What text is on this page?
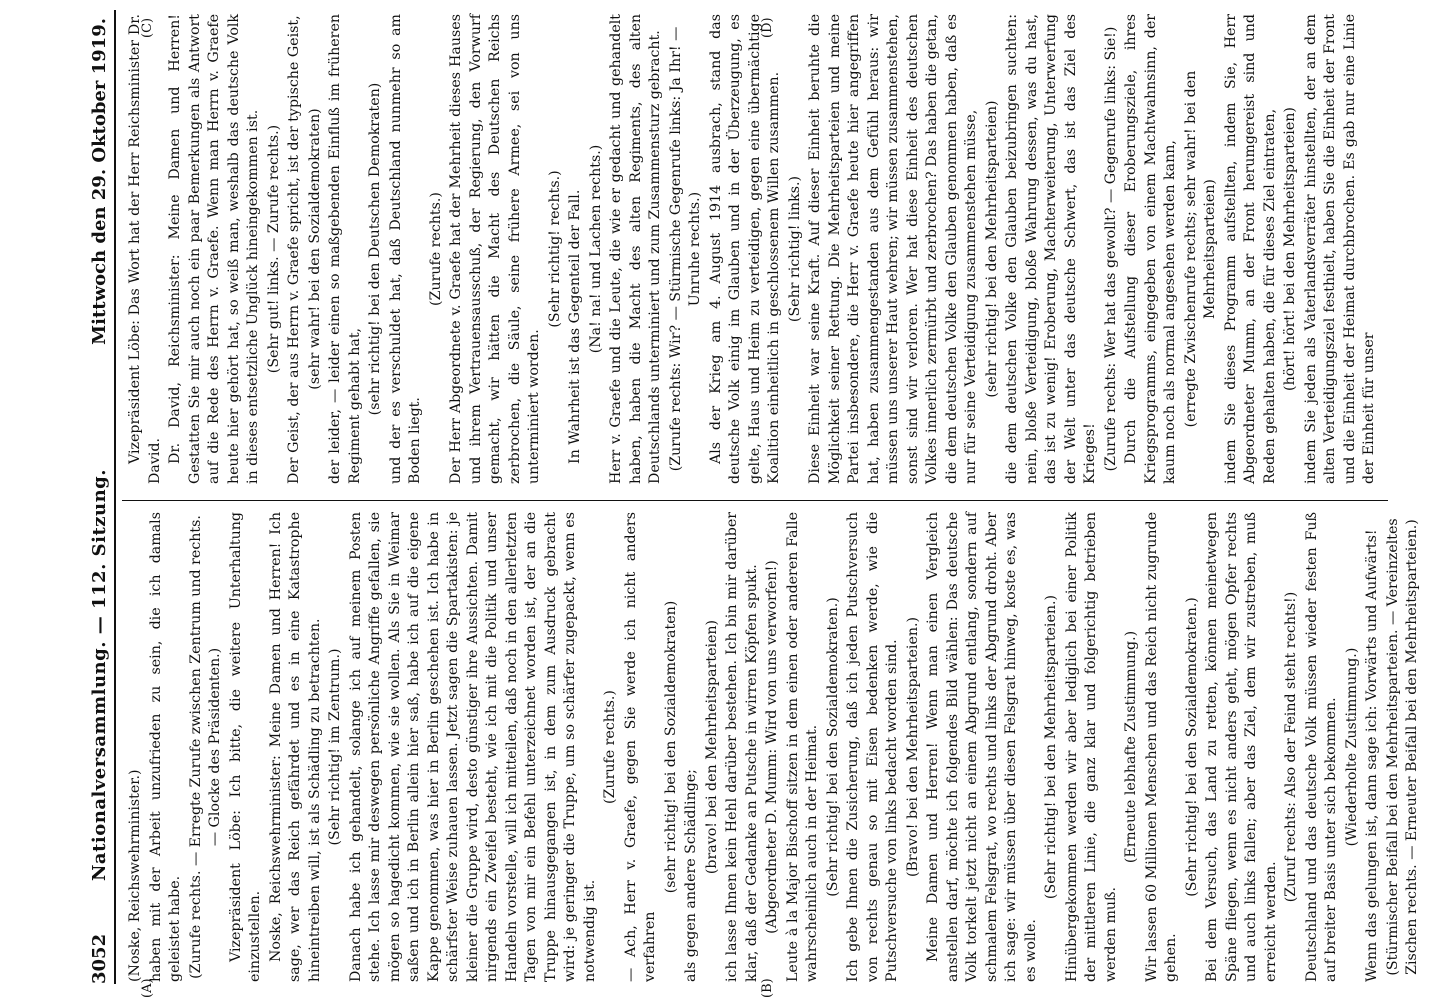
3052
Nationalversammlung. — 112. Sitzung.
Mittwoch den 29. Oktober 1919.
(A)	(B)
(C)	(D)

(Noske, Reichswehrminister.) haben mit der Arbeit unzufrieden zu sein, die ich damals geleistet habe. (Zurufe rechts. — Erregte Zurufe zwischen Zentrum und rechts. — Glocke des Präsidenten.) Vizepräsident Löbe: Ich bitte, die weitere Unterhaltung einzustellen. Noske, Reichswehrminister: Meine Damen und Herren! Ich sage, wer das Reich gefährdet und es in eine Katastrophe hineintreiben will, ist als Schädling zu betrachten. (Sehr richtig! im Zentrum.) Danach habe ich gehandelt, solange ich auf meinem Posten stehe. Ich lasse mir deswegen persönliche Angriffe gefallen, sie mögen so hagedicht kommen, wie sie wollen. Als Sie in Weimar saßen und ich in Berlin allein hier saß, habe ich auf die eigene Kappe genommen, was hier in Berlin geschehen ist. Ich habe in schärfster Weise zuhauen lassen. Jetzt sagen die Spartakisten: je kleiner die Gruppe wird, desto günstiger ihre Aussichten. Damit nirgends ein Zweifel besteht, wie ich mit die Politik und unser Handeln vorstelle, will ich mitteilen, daß noch in den allerletzten Tagen von mir ein Befehl unterzeichnet worden ist, der an die Truppe hinausgegangen ist, in dem zum Ausdruck gebracht wird: je geringer die Truppe, um so schärfer zugepackt, wenn es notwendig ist.

(Zurufe rechts.) — Ach, Herr v. Graefe, gegen Sie werde ich nicht anders verfahren

(sehr richtig! bei den Sozialdemokraten) als gegen andere Schädlinge;

(bravo! bei den Mehrheitsparteien) ich lasse Ihnen kein Hehl darüber bestehen. Ich bin mir darüber klar, daß der Gedanke an Putsche in wirren Köpfen spukt. (Abgeordneter D. Mumm: Wird von uns verworfen!) Leute à la Major Bischoff sitzen in dem einen oder anderen Falle wahrscheinlich auch in der Heimat. (Sehr richtig! bei den Sozialdemokraten.) Ich gebe Ihnen die Zusicherung, daß ich jeden Putschversuch von rechts genau so mit Eisen bedenken werde, wie die Putschversuche von links bedacht worden sind. (Bravo! bei den Mehrheitsparteien.) Meine Damen und Herren! Wenn man einen Vergleich anstellen darf, möchte ich folgendes Bild wählen: Das deutsche Volk torkelt jetzt nicht an einem Abgrund entlang, sondern auf schmalem Felsgrat, wo rechts und links der Abgrund droht. Aber ich sage: wir müssen über diesen Felsgrat hinweg, koste es, was es wolle.

(Sehr richtig! bei den Mehrheitsparteien.) Hinübergekommen werden wir aber lediglich bei einer Politik der mittleren Linie, die ganz klar und folgerichtig betrieben werden muß.

(Erneute lebhafte Zustimmung.) Wir lassen 60 Millionen Menschen und das Reich nicht zugrunde gehen.

(Sehr richtig! bei den Sozialdemokraten.) Bei dem Versuch, das Land zu retten, können meinetwegen Späne fliegen, wenn es nicht anders geht, mögen Opfer rechts und auch links fallen; aber das Ziel, dem wir zustreben, muß erreicht werden.

(Zuruf rechts: Also der Feind steht rechts!) Deutschland und das deutsche Volk müssen wieder festen Fuß auf breiter Basis unter sich bekommen. (Wiederholte Zustimmung.) Wenn das gelungen ist, dann sage ich: Vorwärts und Aufwärts! (Stürmischer Beifall bei den Mehrheitsparteien. — Vereinzeltes Zischen rechts. — Erneuter Beifall bei den Mehrheitsparteien.)

Vizepräsident Löbe: Das Wort hat der Herr Reichsminister Dr. David. Dr. David, Reichsminister: Meine Damen und Herren! Gestatten Sie mir auch noch ein paar Bemerkungen als Antwort auf die Rede des Herrn v. Graefe. Wenn man Herrn v. Graefe heute hier gehört hat, so weiß man, weshalb das deutsche Volk in dieses entsetzliche Unglück hineingekommen ist. (Sehr gut! links. — Zurufe rechts.) Der Geist, der aus Herrn v. Graefe spricht, ist der typische Geist, (sehr wahr! bei den Sozialdemokraten) der leider, — leider einen so maßgebenden Einfluß im früheren Regiment gehabt hat, (sehr richtig! bei den Deutschen Demokraten) und der es verschuldet hat, daß Deutschland nunmehr so am Boden liegt.

(Zurufe rechts.) Der Herr Abgeordnete v. Graefe hat der Mehrheit dieses Hauses und ihrem Vertrauensausschuß, der Regierung, den Vorwurf gemacht, wir hätten die Macht des Deutschen Reichs zerbrochen, die Säule, seine frühere Armee, sei von uns unterminiert worden.

(Sehr richtig! rechts.) In Wahrheit ist das Gegenteil der Fall. (Na! na! und Lachen rechts.) Herr v. Graefe und die Leute, die wie er gedacht und gehandelt haben, haben die Macht des alten Regiments, des alten Deutschlands unterminiert und zum Zusammensturz gebracht. (Zurufe rechts: Wir? — Stürmische Gegenrufe links: Ja Ihr! — Unruhe rechts.) Als der Krieg am 4. August 1914 ausbrach, stand das deutsche Volk einig im Glauben und in der Überzeugung, es gelte, Haus und Heim zu verteidigen, gegen eine übermächtige Koalition einheitlich in geschlossenem Willen zusammen. (Sehr richtig! links.) Diese Einheit war seine Kraft. Auf dieser Einheit beruhte die Möglichkeit seiner Rettung. Die Mehrheitsparteien und meine Partei insbesondere, die Herr v. Graefe heute hier angegriffen hat, haben zusammengestanden aus dem Gefühl heraus: wir müssen uns unserer Haut wehren; wir müssen zusammenstehen, sonst sind wir verloren. Wer hat diese Einheit des deutschen Volkes innerlich zermürbt und zerbrochen? Das haben die getan, die dem deutschen Volke den Glauben genommen haben, daß es nur für seine Verteidigung zusammenstehen müsse, (sehr richtig! bei den Mehrheitsparteien) die dem deutschen Volke den Glauben beizubringen suchten: nein, bloße Verteidigung, bloße Wahrung dessen, was du hast, das ist zu wenig! Eroberung, Machterweiterung, Unterwerfung der Welt unter das deutsche Schwert, das ist das Ziel des Krieges! (Zurufe rechts: Wer hat das gewollt? — Gegenrufe links: Sie!) Durch die Aufstellung dieser Eroberungsziele, ihres Kriegsprogramms, eingegeben von einem Machtwahnsinn, der kaum noch als normal angesehen werden kann, (erregte Zwischenrufe rechts; sehr wahr! bei den Mehrheitsparteien) indem Sie dieses Programm aufstellten, indem Sie, Herr Abgeordneter Mumm, an der Front herumgereist sind und Reden gehalten haben, die für dieses Ziel eintraten, (hört! hört! bei den Mehrheitsparteien) indem Sie jeden als Vaterlandsverräter hinstellten, der an dem alten Verteidigungsziel festhielt, haben Sie die Einheit der Front und die Einheit der Heimat durchbrochen. Es gab nur eine Linie der Einheit für unser
